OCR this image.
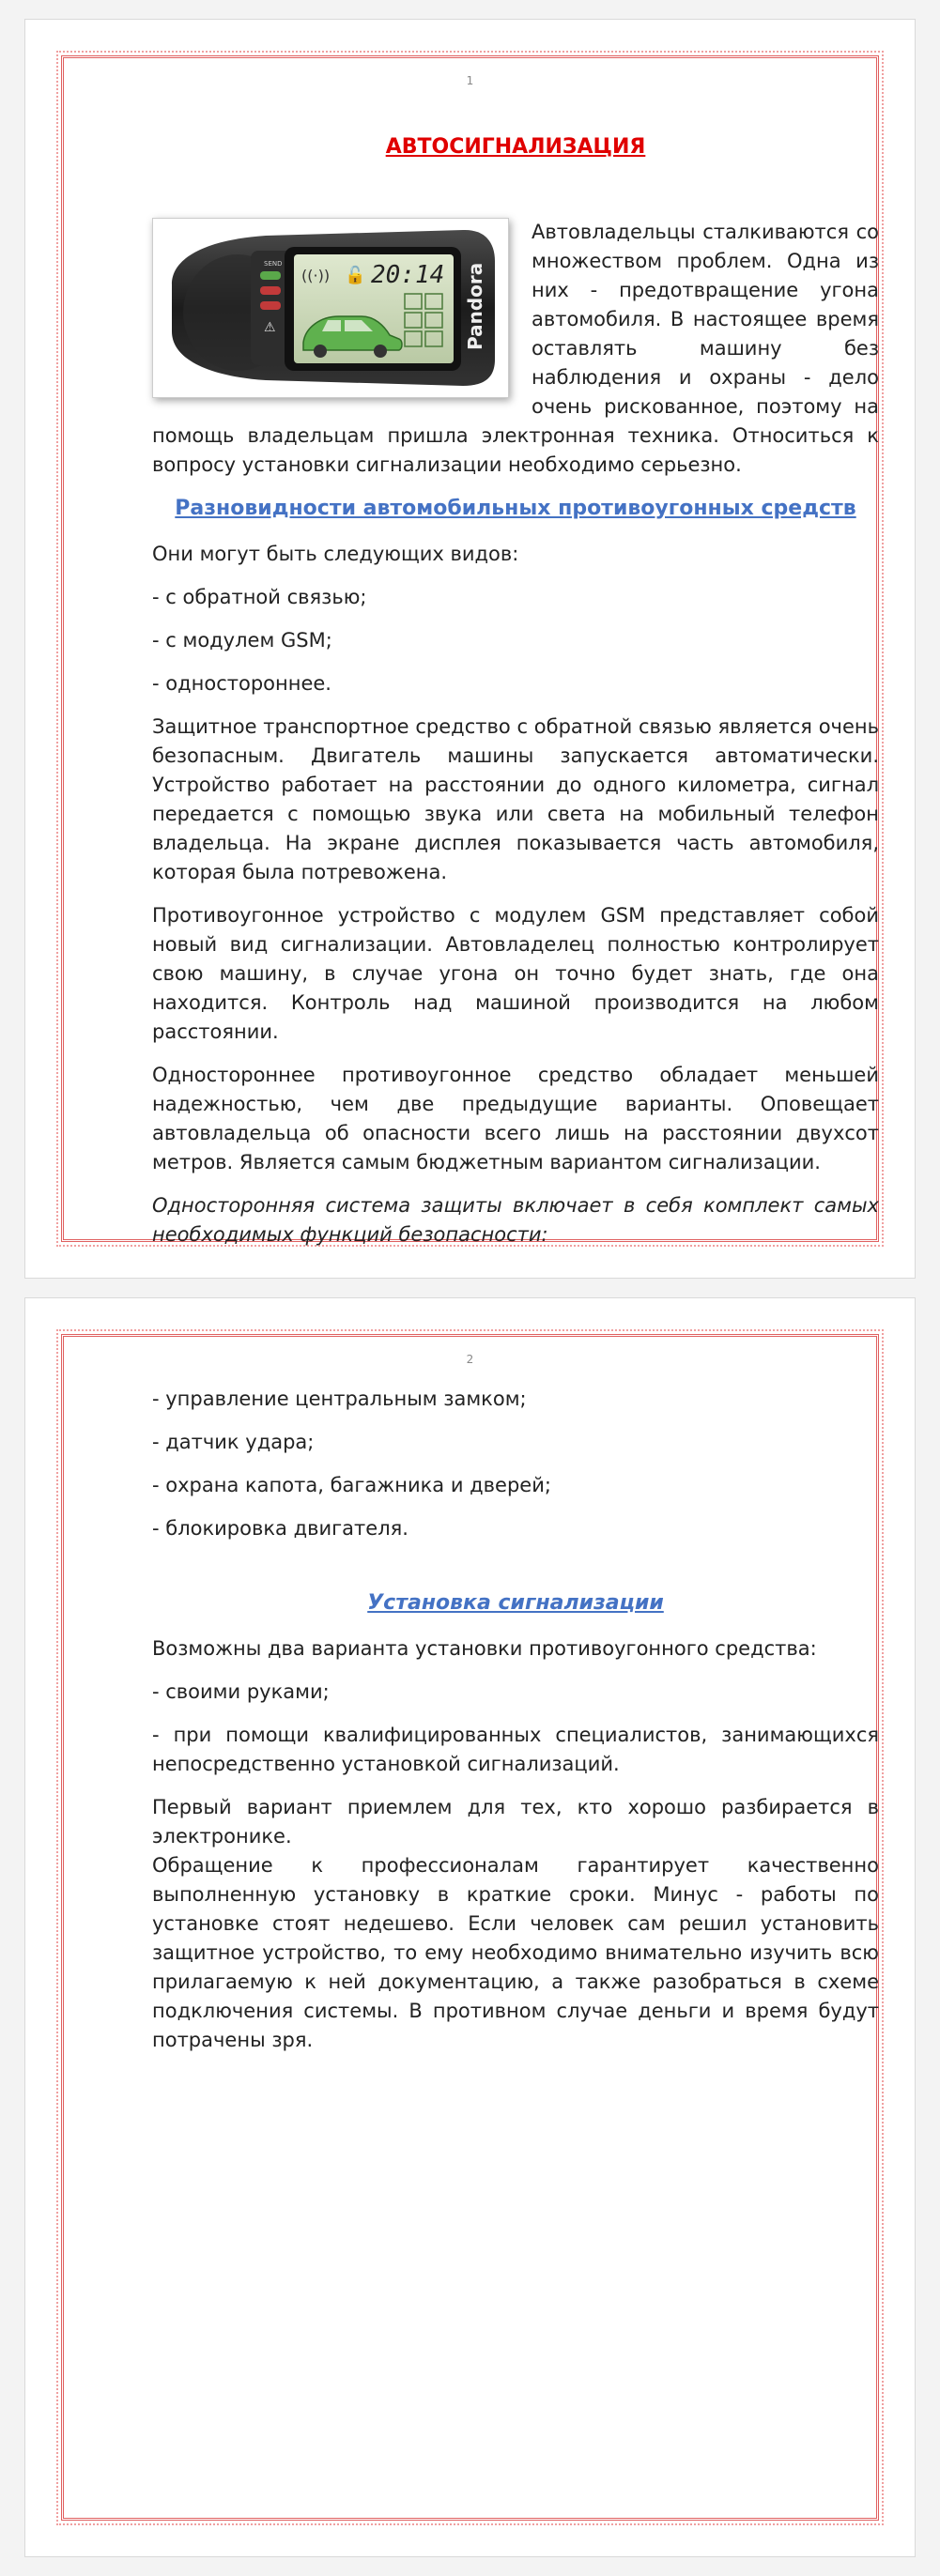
1

АВТОСИГНАЛИЗАЦИЯ

SEND
⚠
((·)) 🔓 20:14 Pandora

Автовладельцы сталкиваются со множеством проблем. Одна из них - предотвращение угона автомобиля. В настоящее время оставлять машину без наблюдения и охраны - дело очень рискованное, поэтому на помощь владельцам пришла электронная техника. Относиться к вопросу установки сигнализации необходимо серьезно.

Разновидности автомобильных противоугонных средств

Они могут быть следующих видов:

- с обратной связью;

- с модулем GSM;

- одностороннее.

Защитное транспортное средство с обратной связью является очень безопасным. Двигатель машины запускается автоматически. Устройство работает на расстоянии до одного километра, сигнал передается с помощью звука или света на мобильный телефон владельца. На экране дисплея показывается часть автомобиля, которая была потревожена.

Противоугонное устройство с модулем GSM представляет собой новый вид сигнализации. Автовладелец полностью контролирует свою машину, в случае угона он точно будет знать, где она находится. Контроль над машиной производится на любом расстоянии.

Одностороннее противоугонное средство обладает меньшей надежностью, чем две предыдущие варианты. Оповещает автовладельца об опасности всего лишь на расстоянии двухсот метров. Является самым бюджетным вариантом сигнализации.

Односторонняя система защиты включает в себя комплект самых необходимых функций безопасности:

2

- управление центральным замком;

- датчик удара;

- охрана капота, багажника и дверей;

- блокировка двигателя.

Установка сигнализации

Возможны два варианта установки противоугонного средства:

- своими руками;

- при помощи квалифицированных специалистов, занимающихся непосредственно установкой сигнализаций.

Первый вариант приемлем для тех, кто хорошо разбирается в электронике.

Обращение к профессионалам гарантирует качественно выполненную установку в краткие сроки. Минус - работы по установке стоят недешево. Если человек сам решил установить защитное устройство, то ему необходимо внимательно изучить всю прилагаемую к ней документацию, а также разобраться в схеме подключения системы. В противном случае деньги и время будут потрачены зря.
